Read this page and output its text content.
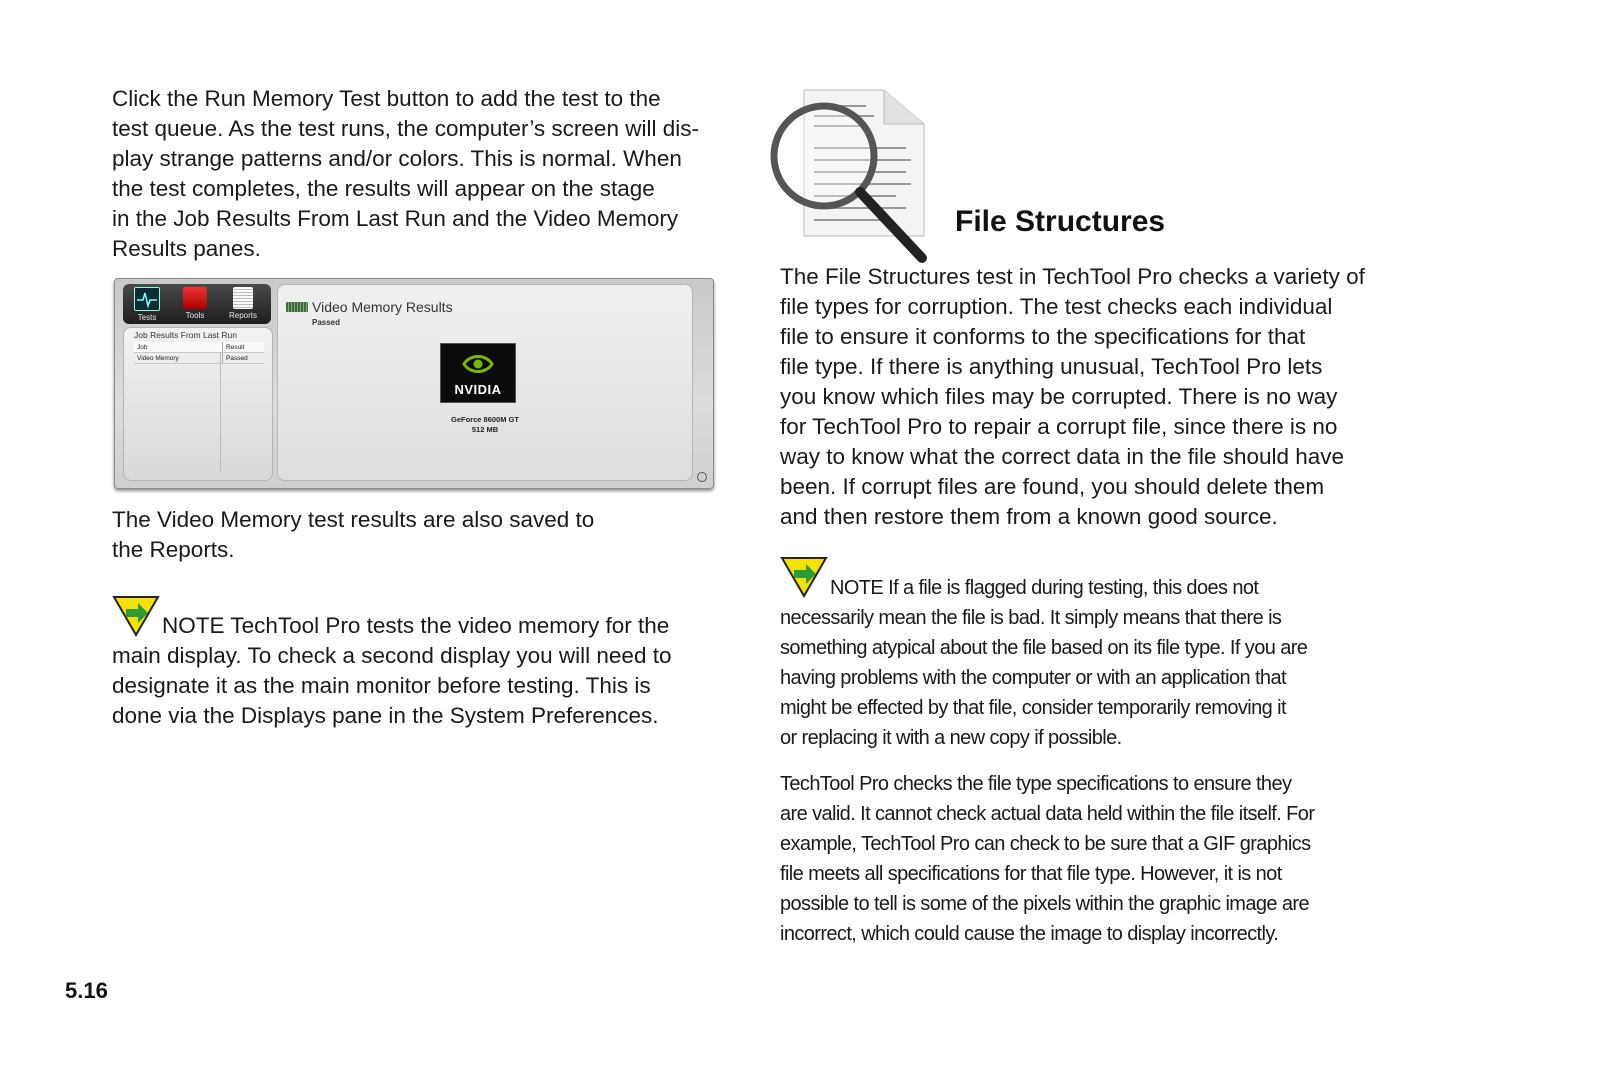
Click the Run Memory Test button to add the test to the
test queue. As the test runs, the computer’s screen will dis-
play strange patterns and/or colors. This is normal. When
the test completes, the results will appear on the stage
in the Job Results From Last Run and the Video Memory
Results panes.

Tests	Tools	Reports
Job Results From Last Run
Job	Result
Video Memory	Passed
Video Memory Results
Passed
NVIDIA
GeForce 8600M GT
512 MB

The Video Memory test results are also saved to
the Reports.

NOTE TechTool Pro tests the video memory for the
main display. To check a second display you will need to
designate it as the main monitor before testing. This is
done via the Displays pane in the System Preferences.

File Structures

The File Structures test in TechTool Pro checks a variety of
file types for corruption. The test checks each individual
file to ensure it conforms to the specifications for that
file type. If there is anything unusual, TechTool Pro lets
you know which files may be corrupted. There is no way
for TechTool Pro to repair a corrupt file, since there is no
way to know what the correct data in the file should have
been. If corrupt files are found, you should delete them
and then restore them from a known good source.

NOTE If a file is flagged during testing, this does not
necessarily mean the file is bad. It simply means that there is
something atypical about the file based on its file type. If you are
having problems with the computer or with an application that
might be effected by that file, consider temporarily removing it
or replacing it with a new copy if possible.

TechTool Pro checks the file type specifications to ensure they
are valid. It cannot check actual data held within the file itself. For
example, TechTool Pro can check to be sure that a GIF graphics
file meets all specifications for that file type. However, it is not
possible to tell is some of the pixels within the graphic image are
incorrect, which could cause the image to display incorrectly.

5.16
